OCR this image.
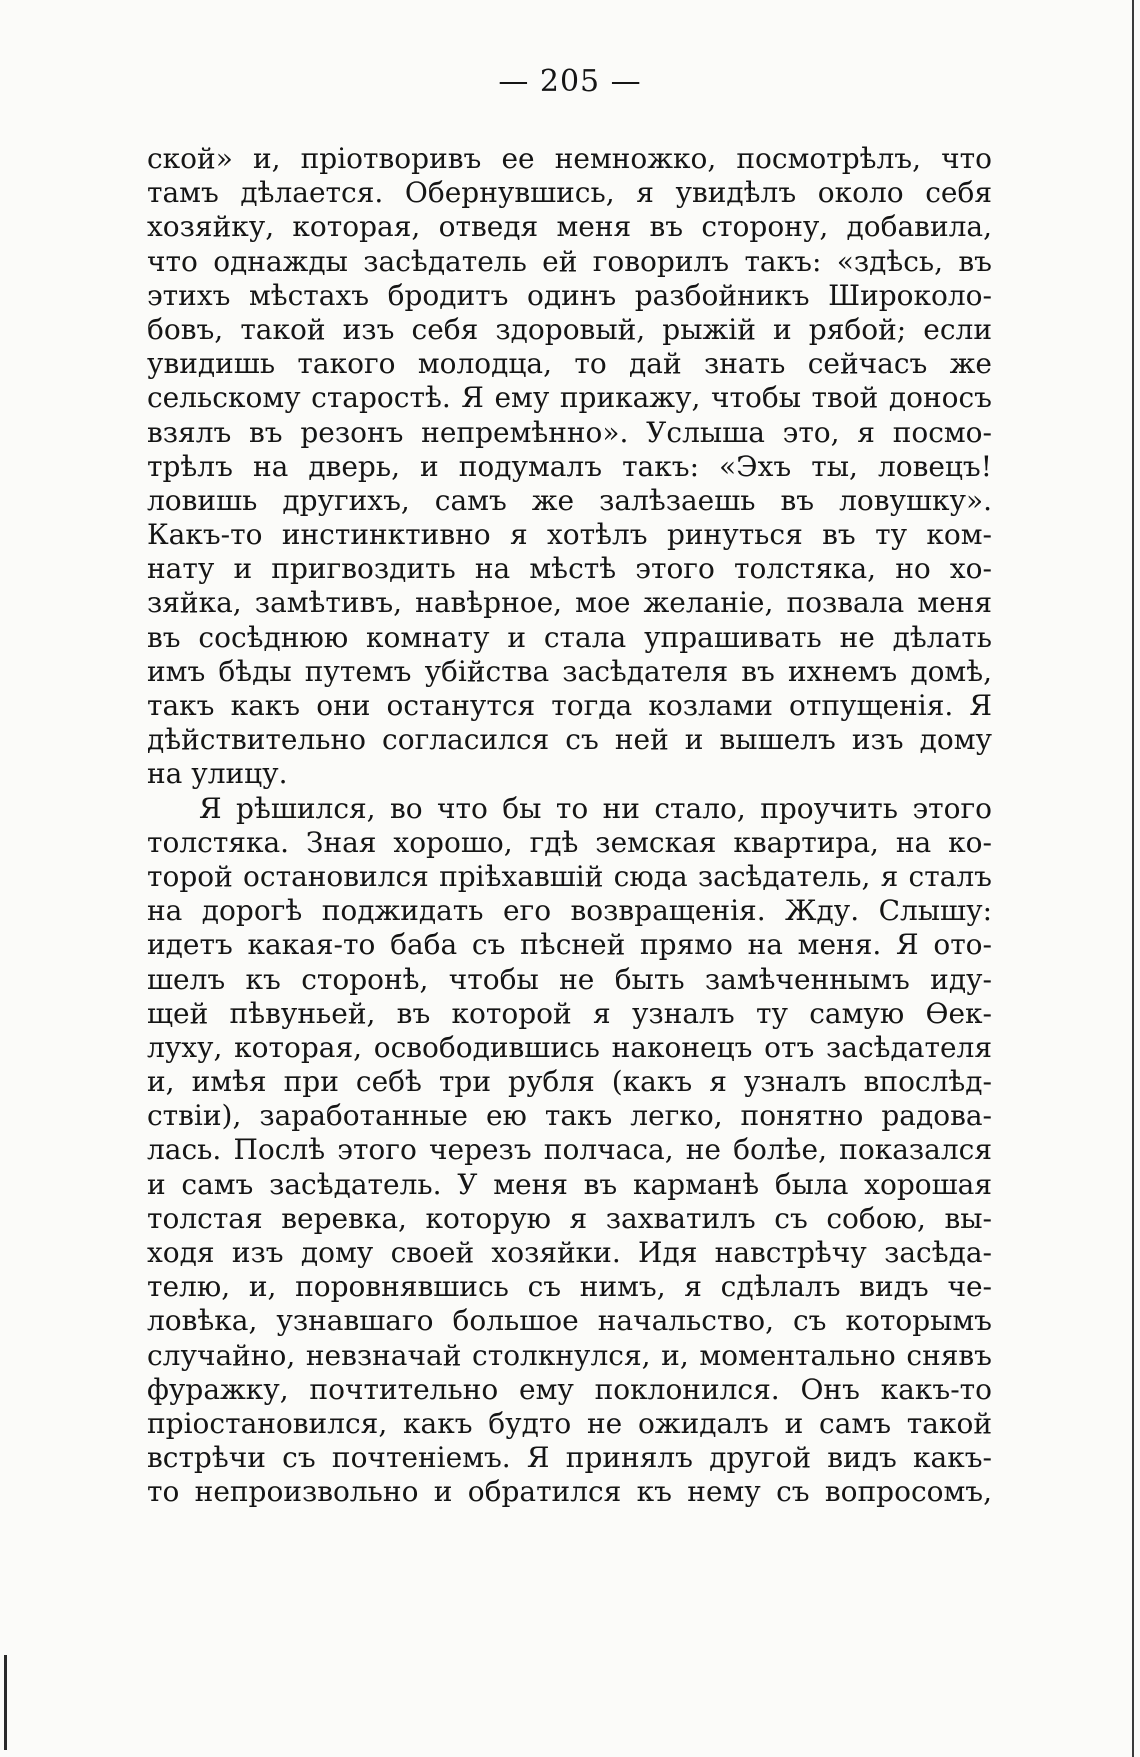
— 205 —
ской» и, пріотворивъ ее немножко, посмотрѣлъ, что
тамъ дѣлается. Обернувшись, я увидѣлъ около себя
хозяйку, которая, отведя меня въ сторону, добавила,
что однажды засѣдатель ей говорилъ такъ: «здѣсь, въ
этихъ мѣстахъ бродитъ одинъ разбойникъ Широколо-
бовъ, такой изъ себя здоровый, рыжій и рябой; если
увидишь такого молодца, то дай знать сейчасъ же
сельскому старостѣ. Я ему прикажу, чтобы твой доносъ
взялъ въ резонъ непремѣнно». Услыша это, я посмо-
трѣлъ на дверь, и подумалъ такъ: «Эхъ ты, ловецъ!
ловишь другихъ, самъ же залѣзаешь въ ловушку».
Какъ-то инстинктивно я хотѣлъ ринуться въ ту ком-
нату и пригвоздить на мѣстѣ этого толстяка, но хо-
зяйка, замѣтивъ, навѣрное, мое желаніе, позвала меня
въ сосѣднюю комнату и стала упрашивать не дѣлать
имъ бѣды путемъ убійства засѣдателя въ ихнемъ домѣ,
такъ какъ они останутся тогда козлами отпущенія. Я
дѣйствительно согласился съ ней и вышелъ изъ дому
на улицу.
Я рѣшился, во что бы то ни стало, проучить этого
толстяка. Зная хорошо, гдѣ земская квартира, на ко-
торой остановился пріѣхавшій сюда засѣдатель, я сталъ
на дорогѣ поджидать его возвращенія. Жду. Слышу:
идетъ какая-то баба съ пѣсней прямо на меня. Я ото-
шелъ къ сторонѣ, чтобы не быть замѣченнымъ иду-
щей пѣвуньей, въ которой я узналъ ту самую Ѳек-
луху, которая, освободившись наконецъ отъ засѣдателя
и, имѣя при себѣ три рубля (какъ я узналъ впослѣд-
ствіи), заработанные ею такъ легко, понятно радова-
лась. Послѣ этого черезъ полчаса, не болѣе, показался
и самъ засѣдатель. У меня въ карманѣ была хорошая
толстая веревка, которую я захватилъ съ собою, вы-
ходя изъ дому своей хозяйки. Идя навстрѣчу засѣда-
телю, и, поровнявшись съ нимъ, я сдѣлалъ видъ че-
ловѣка, узнавшаго большое начальство, съ которымъ
случайно, невзначай столкнулся, и, моментально снявъ
фуражку, почтительно ему поклонился. Онъ какъ-то
пріостановился, какъ будто не ожидалъ и самъ такой
встрѣчи съ почтеніемъ. Я принялъ другой видъ какъ-
то непроизвольно и обратился къ нему съ вопросомъ,
